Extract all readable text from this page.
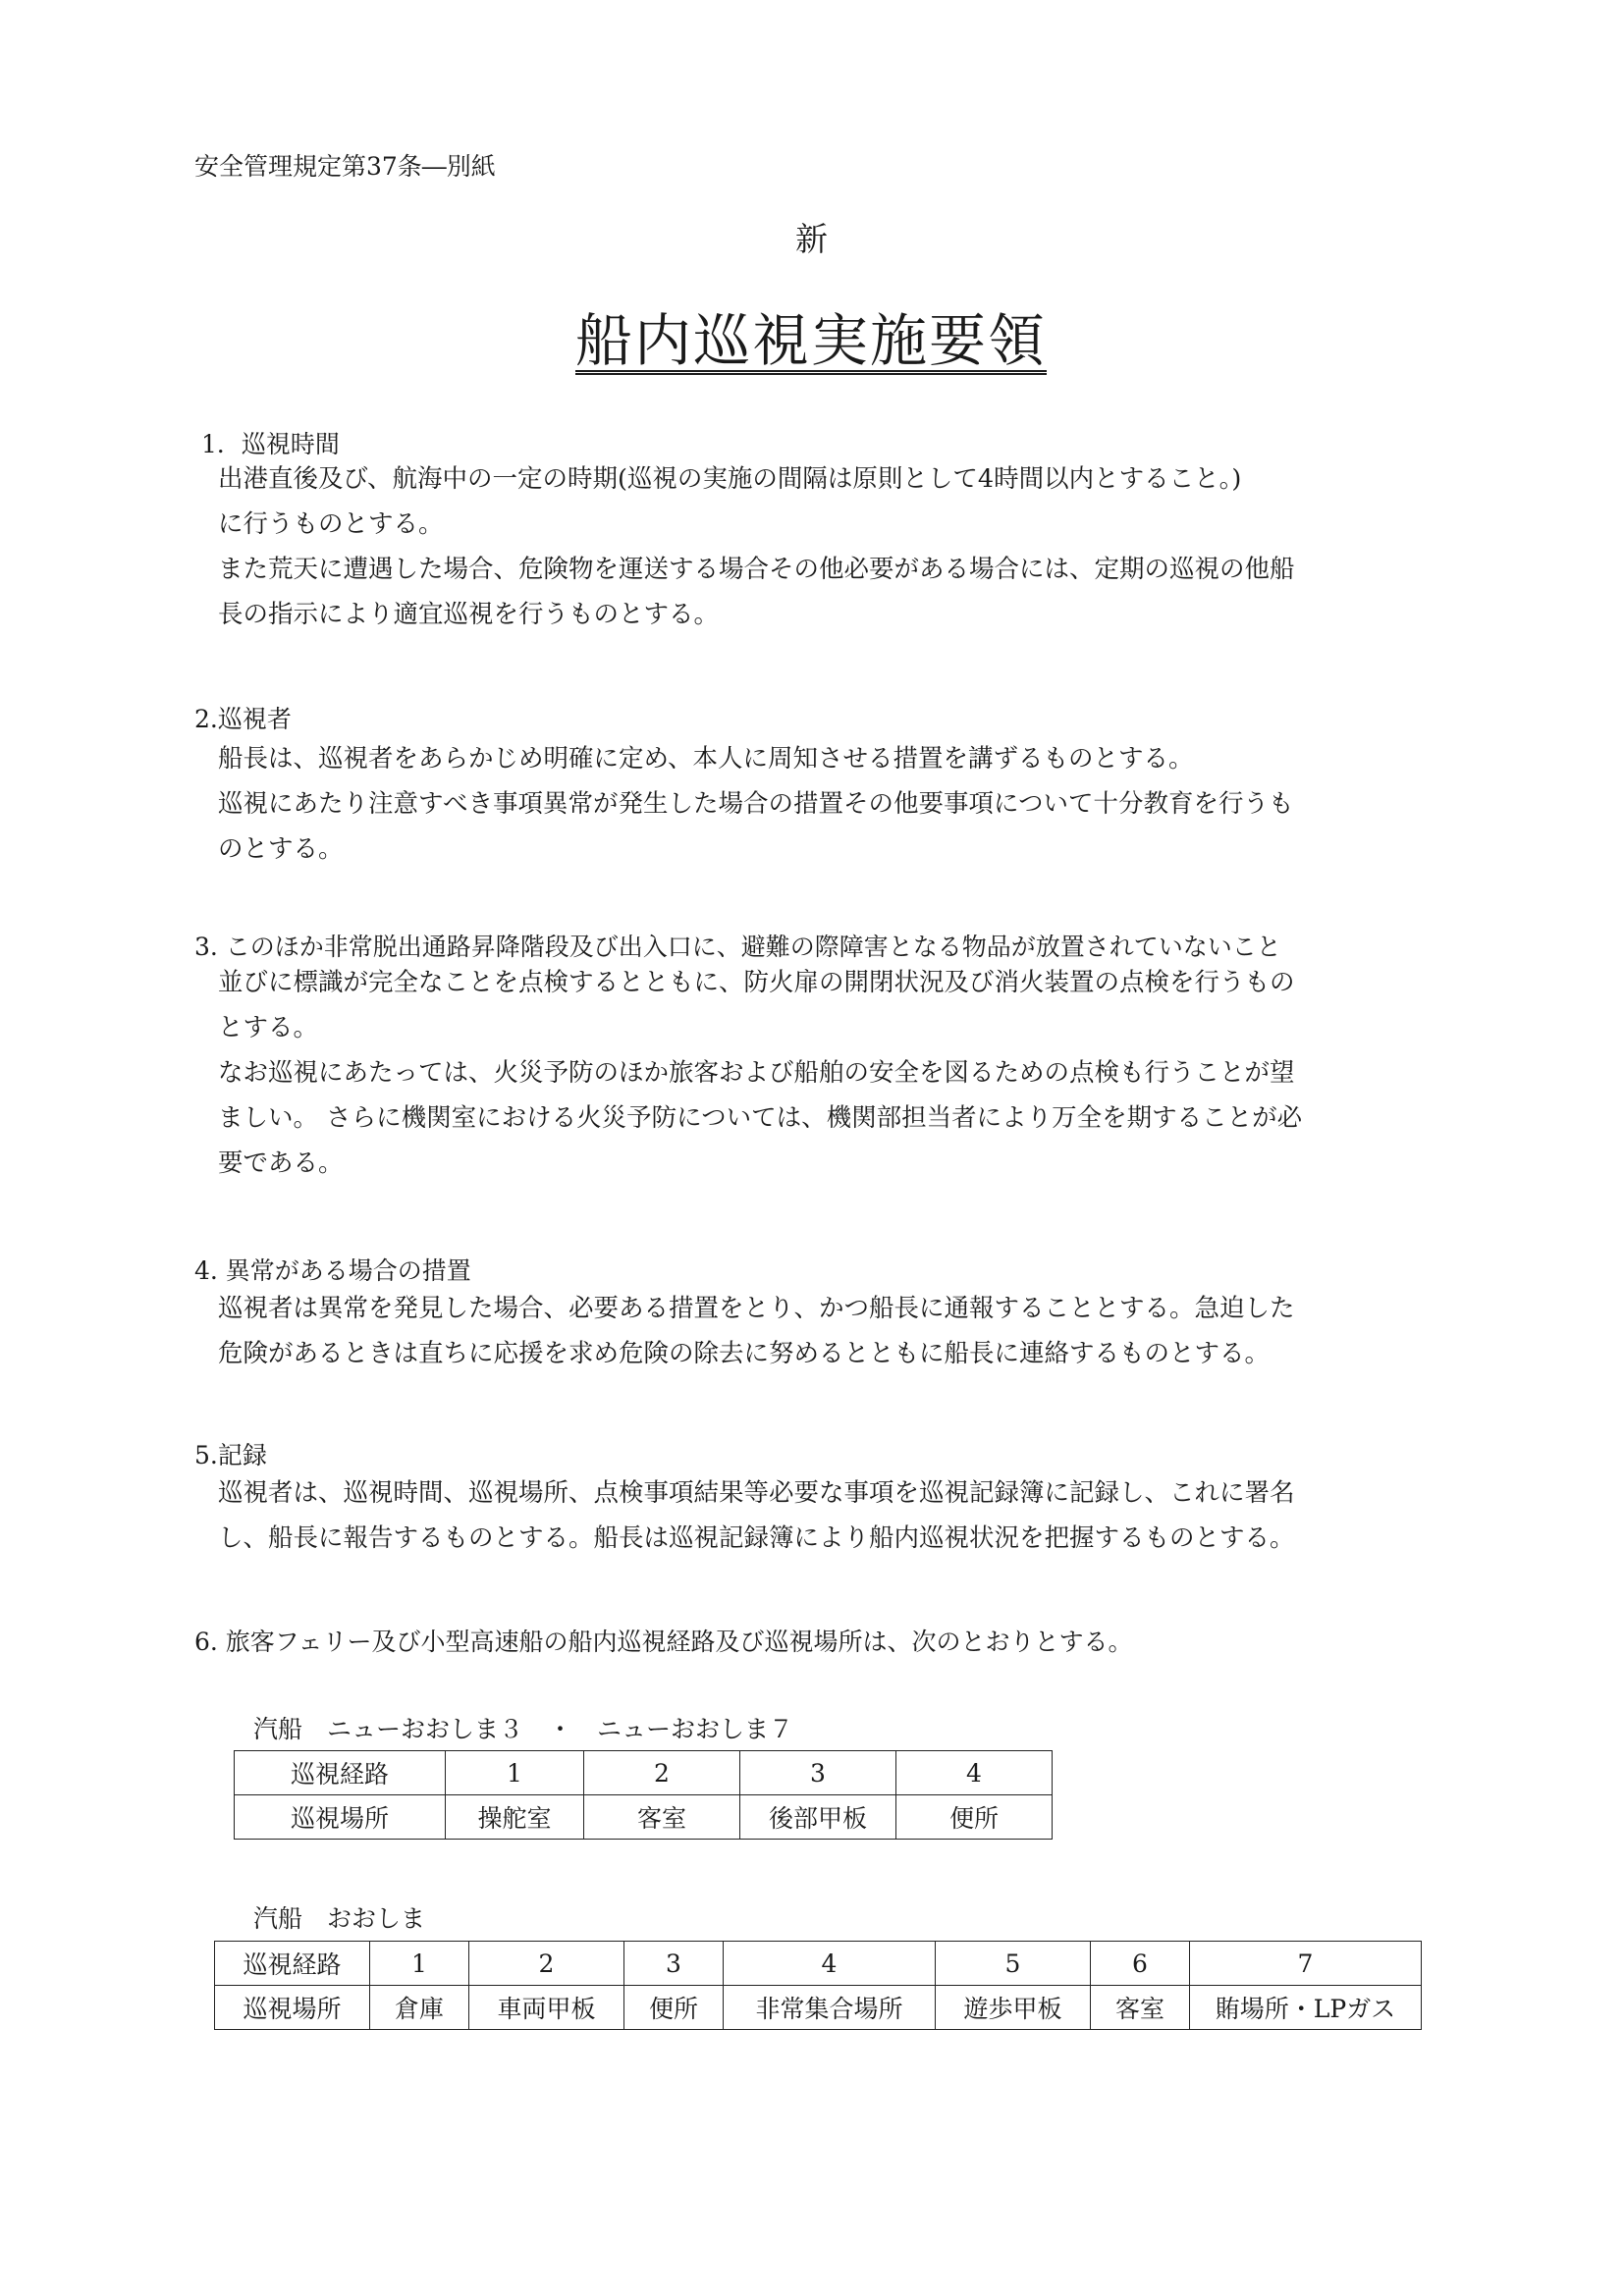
安全管理規定第37条―別紙
新
船内巡視実施要領
1．巡視時間
出港直後及び、航海中の一定の時期(巡視の実施の間隔は原則として4時間以内とすること。)
に行うものとする。
また荒天に遭遇した場合、危険物を運送する場合その他必要がある場合には、定期の巡視の他船
長の指示により適宜巡視を行うものとする。
2.巡視者
船長は、巡視者をあらかじめ明確に定め、本人に周知させる措置を講ずるものとする。
巡視にあたり注意すべき事項異常が発生した場合の措置その他要事項について十分教育を行うも
のとする。
3. このほか非常脱出通路昇降階段及び出入口に、避難の際障害となる物品が放置されていないこと
並びに標識が完全なことを点検するとともに、防火扉の開閉状況及び消火装置の点検を行うもの
とする。
なお巡視にあたっては、火災予防のほか旅客および船舶の安全を図るための点検も行うことが望
ましい。 さらに機関室における火災予防については、機関部担当者により万全を期することが必
要である。
4. 異常がある場合の措置
巡視者は異常を発見した場合、必要ある措置をとり、かつ船長に通報することとする。急迫した
危険があるときは直ちに応援を求め危険の除去に努めるとともに船長に連絡するものとする。
5.記録
巡視者は、巡視時間、巡視場所、点検事項結果等必要な事項を巡視記録簿に記録し、これに署名
し、船長に報告するものとする。船長は巡視記録簿により船内巡視状況を把握するものとする。
6. 旅客フェリー及び小型高速船の船内巡視経路及び巡視場所は、次のとおりとする。
汽船　ニューおおしま３　・　ニューおおしま７
巡視経路	1	2	3	4
巡視場所	操舵室	客室	後部甲板	便所
汽船　おおしま
巡視経路	1	2	3	4	5	6	7
巡視場所	倉庫	車両甲板	便所	非常集合場所	遊歩甲板	客室	賄場所・LPガス
